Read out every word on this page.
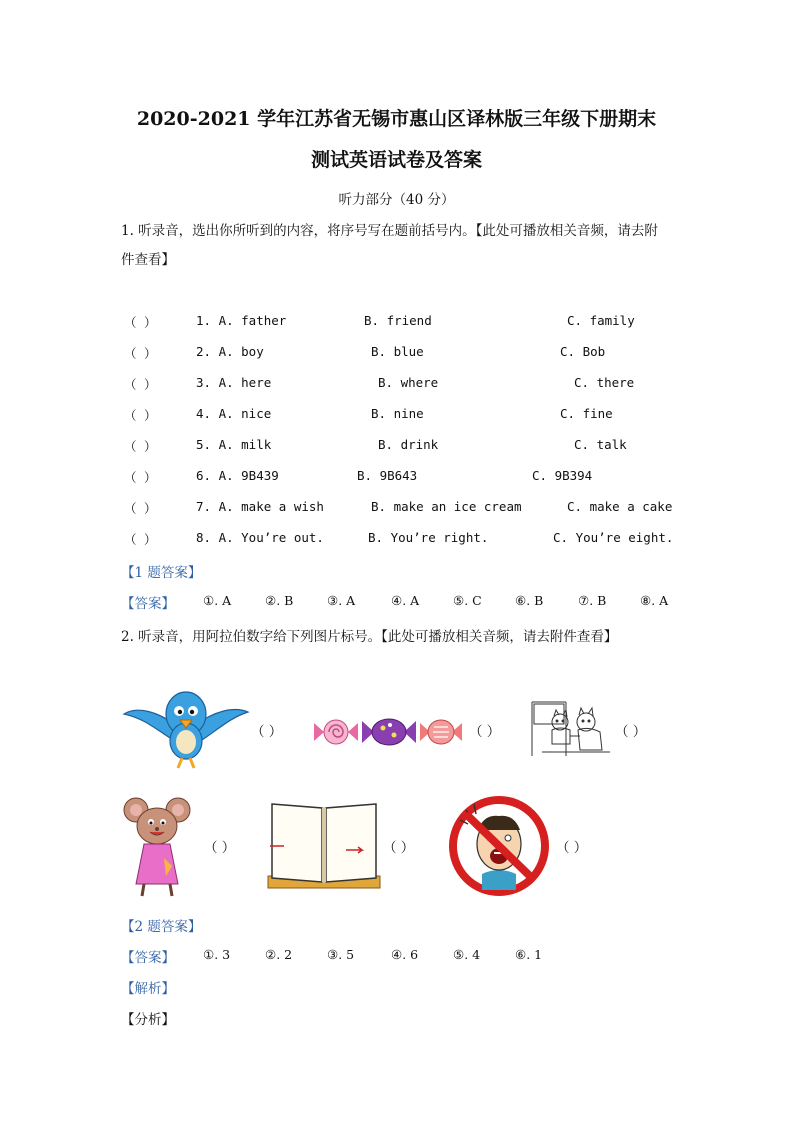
2020-2021 学年江苏省无锡市惠山区译林版三年级下册期末
测试英语试卷及答案
听力部分（40 分）
1. 听录音，选出你所听到的内容，将序号写在题前括号内。【此处可播放相关音频，请去附
件查看】
（ ）	1. A. father	B. friend	C. family
（ ）	2. A. boy	B. blue	C. Bob
（ ）	3. A. here	B. where	C. there
（ ）	4. A. nice	B. nine	C. fine
（ ）	5. A. milk	B. drink	C. talk
（ ）	6. A. 9B439	B. 9B643	C. 9B394
（ ）	7. A. make a wish	B. make an ice cream	C. make a cake
（ ）	8. A. You’re out.	B. You’re right.	C. You’re eight.
【1 题答案】
【答案】 ①. A	②. B	③. A	④. A	⑤. C	⑥. B	⑦. B	⑧. A
2. 听录音，用阿拉伯数字给下列图片标号。【此处可播放相关音频，请去附件查看】
（ ）	（ ）	（ ）
（ ）	（ ）	（ ）
【2 题答案】
【答案】 ①. 3	②. 2	③. 5	④. 6	⑤. 4	⑥. 1
【解析】
【分析】
